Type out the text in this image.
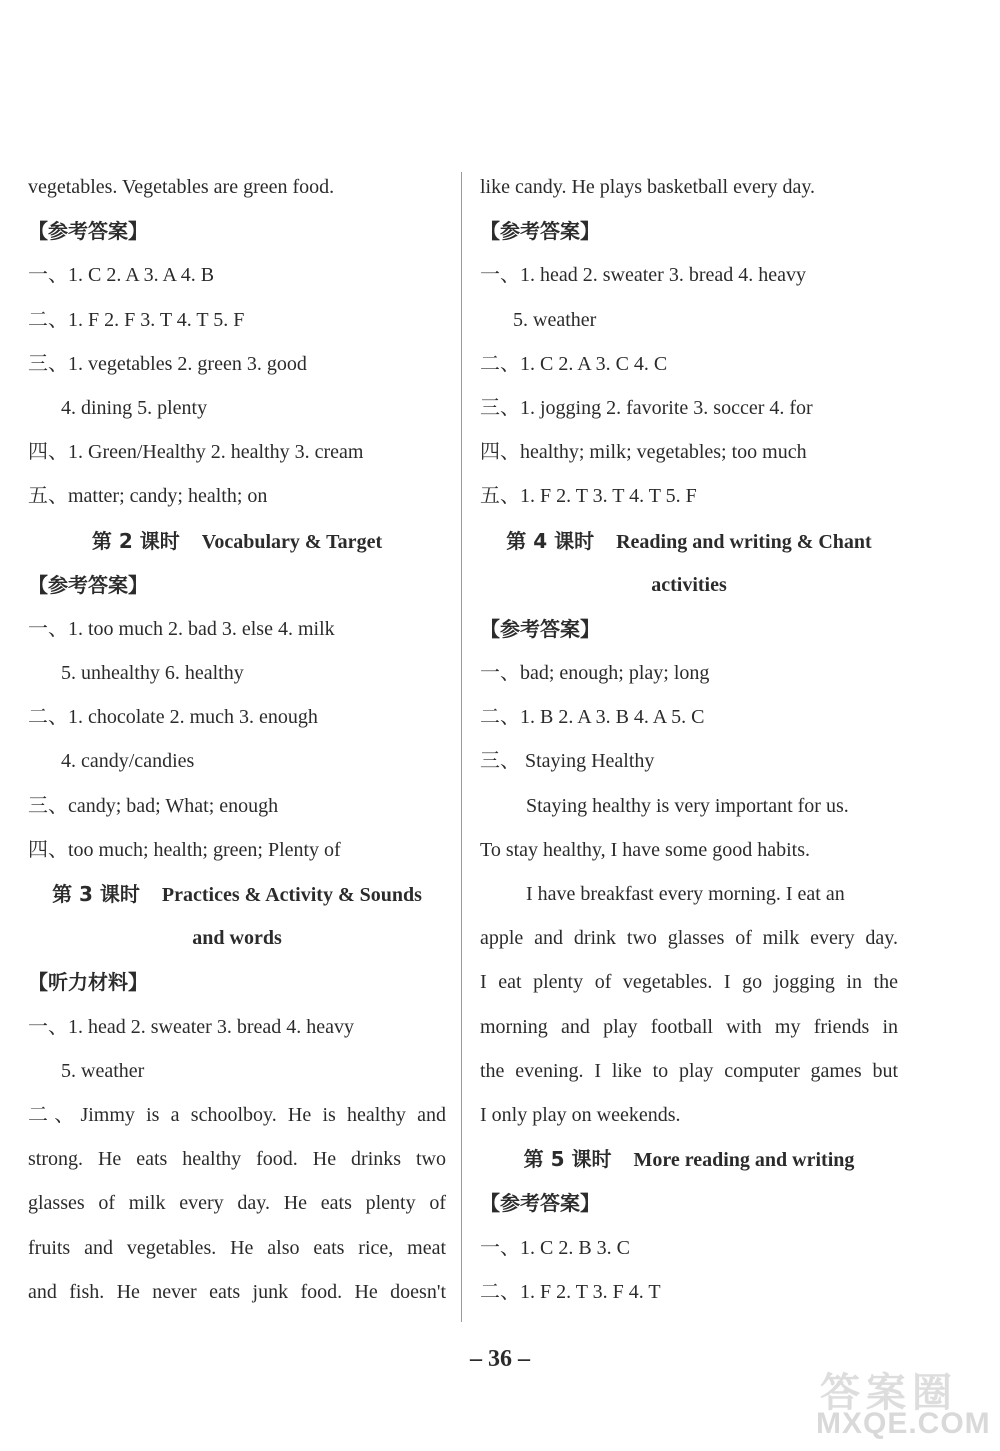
vegetables. Vegetables are green food.
【参考答案】
一、1. C 2. A 3. A 4. B
二、1. F 2. F 3. T 4. T 5. F
三、1. vegetables 2. green 3. good
4. dining 5. plenty
四、1. Green/Healthy 2. healthy 3. cream
五、matter; candy; health; on
第 2 课时 Vocabulary & Target
【参考答案】
一、1. too much 2. bad 3. else 4. milk
5. unhealthy 6. healthy
二、1. chocolate 2. much 3. enough
4. candy/candies
三、candy; bad; What; enough
四、too much; health; green; Plenty of
第 3 课时 Practices & Activity & Sounds
and words
【听力材料】
一、1. head 2. sweater 3. bread 4. heavy
5. weather
二、Jimmy is a schoolboy. He is healthy and
strong. He eats healthy food. He drinks two
glasses of milk every day. He eats plenty of
fruits and vegetables. He also eats rice, meat
and fish. He never eats junk food. He doesn't
like candy. He plays basketball every day.
【参考答案】
一、1. head 2. sweater 3. bread 4. heavy
5. weather
二、1. C 2. A 3. C 4. C
三、1. jogging 2. favorite 3. soccer 4. for
四、healthy; milk; vegetables; too much
五、1. F 2. T 3. T 4. T 5. F
第 4 课时 Reading and writing & Chant
activities
【参考答案】
一、bad; enough; play; long
二、1. B 2. A 3. B 4. A 5. C
三、 Staying Healthy
Staying healthy is very important for us.
To stay healthy, I have some good habits.
I have breakfast every morning. I eat an
apple and drink two glasses of milk every day.
I eat plenty of vegetables. I go jogging in the
morning and play football with my friends in
the evening. I like to play computer games but
I only play on weekends.
第 5 课时 More reading and writing
【参考答案】
一、1. C 2. B 3. C
二、1. F 2. T 3. F 4. T
– 36 –
答案圈
MXQE.COM
